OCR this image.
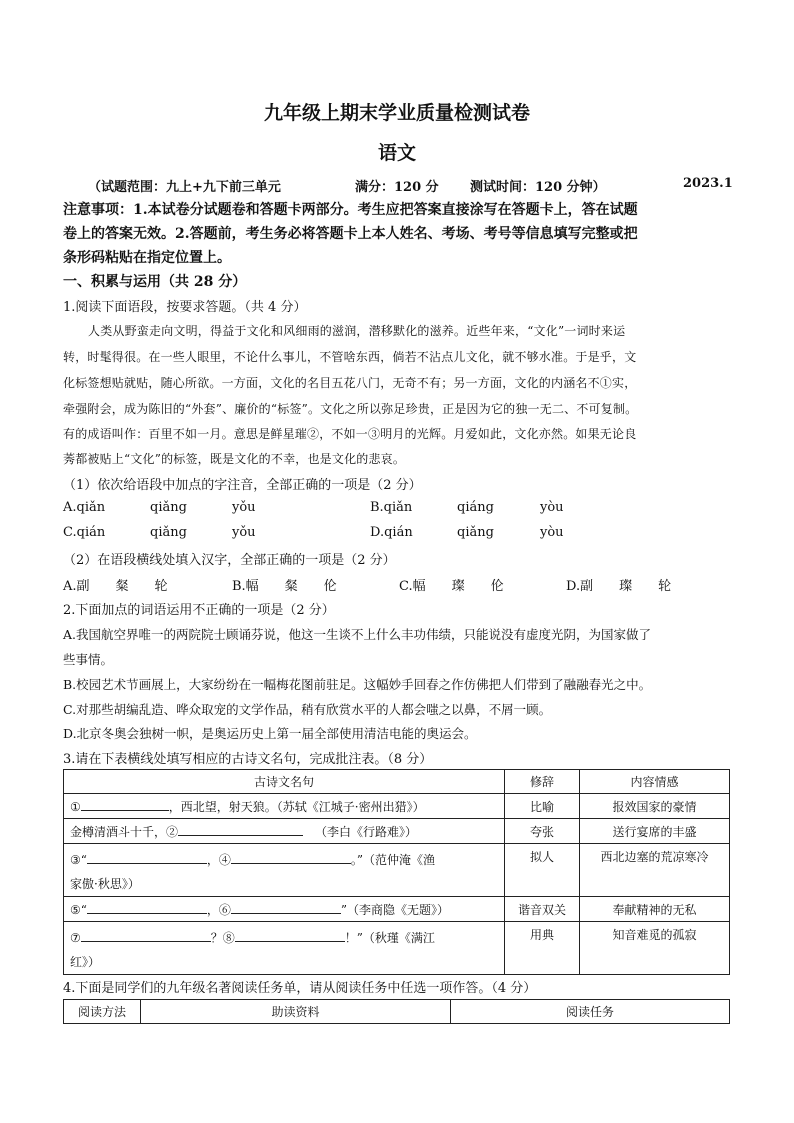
九年级上期末学业质量检测试卷
语文
（试题范围：九上+九下前三单元	满分：120 分 测试时间：120 分钟）	2023.1
注意事项：1.本试卷分试题卷和答题卡两部分。考生应把答案直接涂写在答题卡上，答在试题
卷上的答案无效。2.答题前，考生务必将答题卡上本人姓名、考场、考号等信息填写完整或把
条形码粘贴在指定位置上。
一、积累与运用（共 28 分）
1.阅读下面语段，按要求答题。（共 4 分）
人类从野蛮走向文明，得益于文化和风细雨的滋润，潜移默化的滋养。近些年来，“文化”一词时来运
转，时髦得很。在一些人眼里，不论什么事儿，不管啥东西，倘若不沾点儿文化，就不够水准。于是乎，文
化标签想贴就贴，随心所欲。一方面，文化的名目五花八门，无奇不有；另一方面，文化的内涵名不①实，
牵强附会，成为陈旧的“外套”、廉价的“标签”。文化之所以弥足珍贵，正是因为它的独一无二、不可复制。
有的成语叫作：百里不如一月。意思是鲜星璀②，不如一③明月的光辉。月爱如此，文化亦然。如果无论良
莠都被贴上“文化”的标签，既是文化的不幸，也是文化的悲哀。
（1）依次给语段中加点的字注音，全部正确的一项是（2 分）
A.qiǎn	qiǎng	yǒu	B.qiǎn	qiáng	yòu
C.qián	qiǎng	yǒu	D.qián	qiǎng	yòu
（2）在语段横线处填入汉字，全部正确的一项是（2 分）
A.副　　粲　　轮	B.幅　　粲　　伦	C.幅　　璨　　伦	D.副　　璨　　轮
2.下面加点的词语运用不正确的一项是（2 分）
A.我国航空界唯一的两院院士顾诵芬说，他这一生谈不上什么丰功伟绩，只能说没有虚度光阴，为国家做了
些事情。
B.校园艺术节画展上，大家纷纷在一幅梅花图前驻足。这幅妙手回春之作仿佛把人们带到了融融春光之中。
C.对那些胡编乱造、哗众取宠的文学作品，稍有欣赏水平的人都会嗤之以鼻，不屑一顾。
D.北京冬奥会独树一帜，是奥运历史上第一届全部使用清洁电能的奥运会。
3.请在下表横线处填写相应的古诗文名句，完成批注表。（8 分）
古诗文名句	修辞	内容情感
① ，西北望，射天狼。（苏轼《江城子·密州出猎》）	比喻	报效国家的豪情
金樽清酒斗十千，② （李白《行路难》）	夸张	送行宴席的丰盛
③“ ，④ 。”（范仲淹《渔
家傲·秋思》）	拟人	西北边塞的荒凉寒冷
⑤“ ，⑥ ”（李商隐《无题》）	谐音双关	奉献精神的无私
⑦ ？⑧ ！”（秋瑾《满江
红》）	用典	知音难觅的孤寂
4.下面是同学们的九年级名著阅读任务单，请从阅读任务中任选一项作答。（4 分）
阅读方法	助读资料	阅读任务
